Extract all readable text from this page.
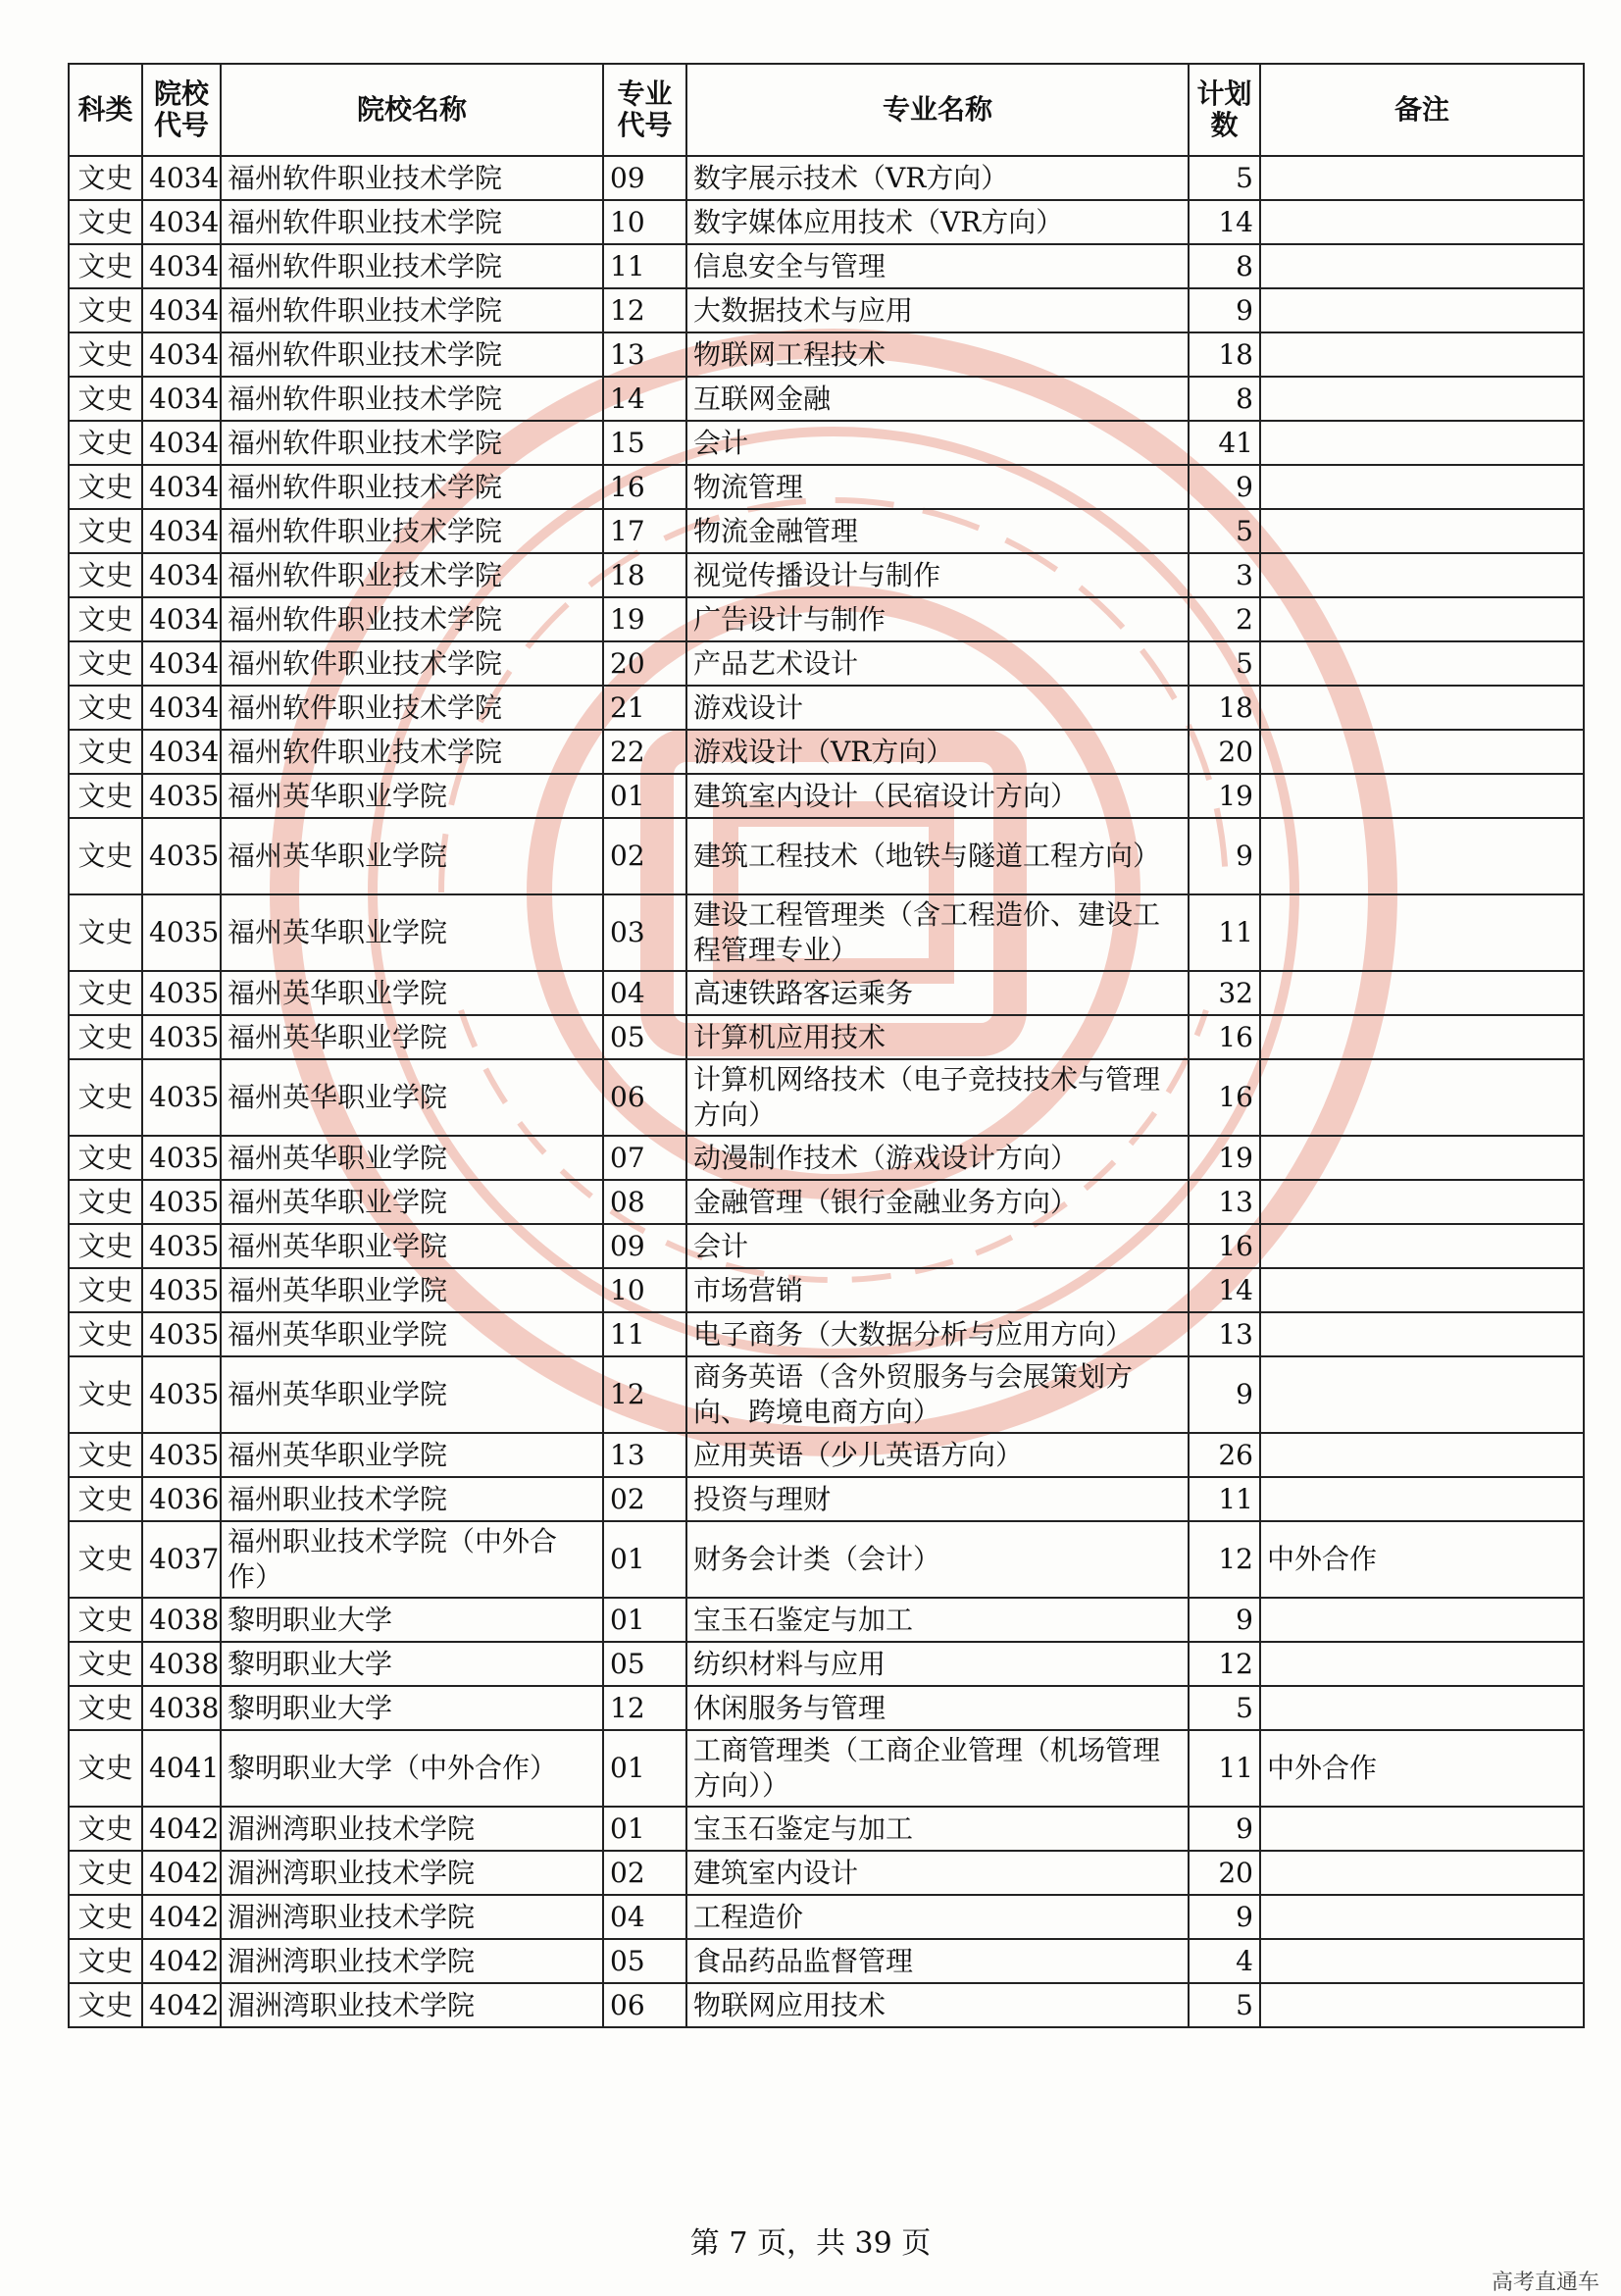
科类	院校代号	院校名称	专业代号	专业名称	计划数	备注
文史	4034	福州软件职业技术学院	09	数字展示技术（VR方向）	5	
文史	4034	福州软件职业技术学院	10	数字媒体应用技术（VR方向）	14	
文史	4034	福州软件职业技术学院	11	信息安全与管理	8	
文史	4034	福州软件职业技术学院	12	大数据技术与应用	9	
文史	4034	福州软件职业技术学院	13	物联网工程技术	18	
文史	4034	福州软件职业技术学院	14	互联网金融	8	
文史	4034	福州软件职业技术学院	15	会计	41	
文史	4034	福州软件职业技术学院	16	物流管理	9	
文史	4034	福州软件职业技术学院	17	物流金融管理	5	
文史	4034	福州软件职业技术学院	18	视觉传播设计与制作	3	
文史	4034	福州软件职业技术学院	19	广告设计与制作	2	
文史	4034	福州软件职业技术学院	20	产品艺术设计	5	
文史	4034	福州软件职业技术学院	21	游戏设计	18	
文史	4034	福州软件职业技术学院	22	游戏设计（VR方向）	20	
文史	4035	福州英华职业学院	01	建筑室内设计（民宿设计方向）	19	
文史	4035	福州英华职业学院	02	建筑工程技术（地铁与隧道工程方向）	9	
文史	4035	福州英华职业学院	03	建设工程管理类（含工程造价、建设工程管理专业）	11	
文史	4035	福州英华职业学院	04	高速铁路客运乘务	32	
文史	4035	福州英华职业学院	05	计算机应用技术	16	
文史	4035	福州英华职业学院	06	计算机网络技术（电子竞技技术与管理方向）	16	
文史	4035	福州英华职业学院	07	动漫制作技术（游戏设计方向）	19	
文史	4035	福州英华职业学院	08	金融管理（银行金融业务方向）	13	
文史	4035	福州英华职业学院	09	会计	16	
文史	4035	福州英华职业学院	10	市场营销	14	
文史	4035	福州英华职业学院	11	电子商务（大数据分析与应用方向）	13	
文史	4035	福州英华职业学院	12	商务英语（含外贸服务与会展策划方向、跨境电商方向）	9	
文史	4035	福州英华职业学院	13	应用英语（少儿英语方向）	26	
文史	4036	福州职业技术学院	02	投资与理财	11	
文史	4037	福州职业技术学院（中外合作）	01	财务会计类（会计）	12	中外合作
文史	4038	黎明职业大学	01	宝玉石鉴定与加工	9	
文史	4038	黎明职业大学	05	纺织材料与应用	12	
文史	4038	黎明职业大学	12	休闲服务与管理	5	
文史	4041	黎明职业大学（中外合作）	01	工商管理类（工商企业管理（机场管理方向））	11	中外合作
文史	4042	湄洲湾职业技术学院	01	宝玉石鉴定与加工	9	
文史	4042	湄洲湾职业技术学院	02	建筑室内设计	20	
文史	4042	湄洲湾职业技术学院	04	工程造价	9	
文史	4042	湄洲湾职业技术学院	05	食品药品监督管理	4	
文史	4042	湄洲湾职业技术学院	06	物联网应用技术	5	
第 7 页，共 39 页
高考直通车
